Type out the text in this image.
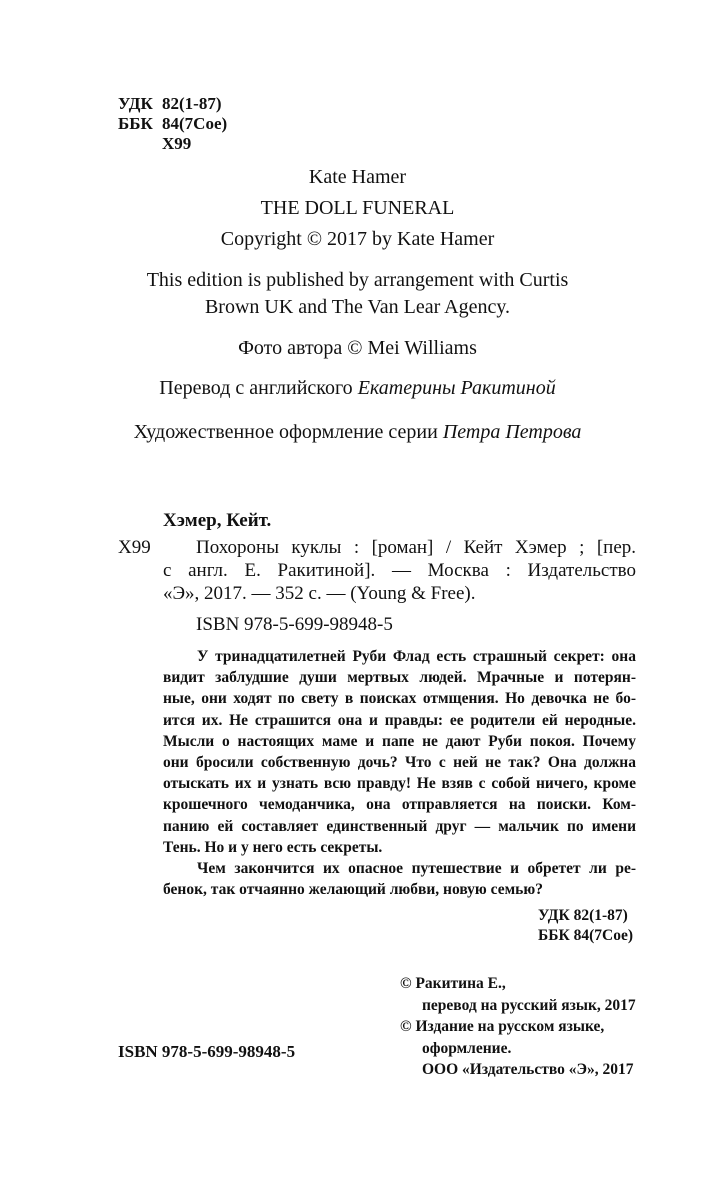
УДК 82(1-87)
ББК 84(7Сое)
Х99
Kate Hamer
THE DOLL FUNERAL
Copyright © 2017 by Kate Hamer
This edition is published by arrangement with Curtis
Brown UK and The Van Lear Agency.
Фото автора © Mei Williams
Перевод с английского Екатерины Ракитиной
Художественное оформление серии Петра Петрова
Хэмер, Кейт.
Х99 Похороны куклы : [роман] / Кейт Хэмер ; [пер.
с англ. Е. Ракитиной]. — Москва : Издательство
«Э», 2017. — 352 с. — (Young & Free).
ISBN 978-5-699-98948-5
У тринадцатилетней Руби Флад есть страшный секрет: она
видит заблудшие души мертвых людей. Мрачные и потерян-
ные, они ходят по свету в поисках отмщения. Но девочка не бо-
ится их. Не страшится она и правды: ее родители ей неродные.
Мысли о настоящих маме и папе не дают Руби покоя. Почему
они бросили собственную дочь? Что с ней не так? Она должна
отыскать их и узнать всю правду! Не взяв с собой ничего, кроме
крошечного чемоданчика, она отправляется на поиски. Ком-
панию ей составляет единственный друг — мальчик по имени
Тень. Но и у него есть секреты.
Чем закончится их опасное путешествие и обретет ли ре-
бенок, так отчаянно желающий любви, новую семью?
УДК 82(1-87)
ББК 84(7Сое)
© Ракитина Е.,
перевод на русский язык, 2017
© Издание на русском языке,
оформление.
ООО «Издательство «Э», 2017
ISBN 978-5-699-98948-5
